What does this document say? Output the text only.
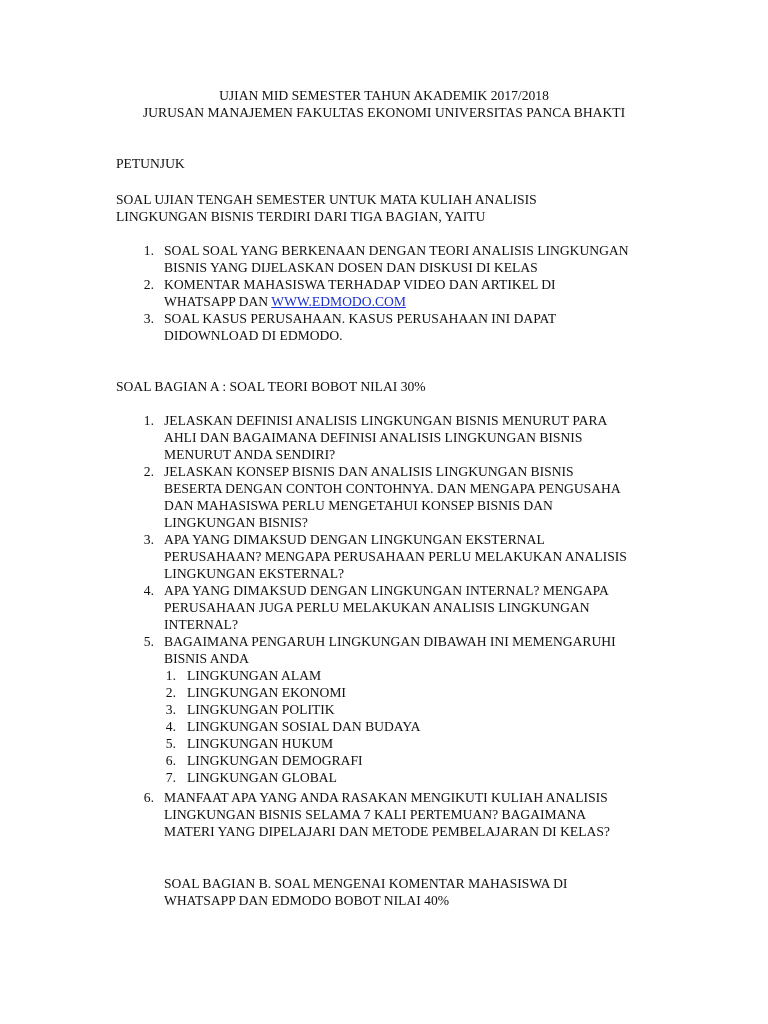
UJIAN MID SEMESTER TAHUN AKADEMIK 2017/2018
JURUSAN MANAJEMEN FAKULTAS EKONOMI UNIVERSITAS PANCA BHAKTI
PETUNJUK
SOAL UJIAN TENGAH SEMESTER UNTUK MATA KULIAH ANALISIS
LINGKUNGAN BISNIS TERDIRI DARI TIGA BAGIAN, YAITU
1. SOAL SOAL YANG BERKENAAN DENGAN TEORI ANALISIS LINGKUNGAN
BISNIS YANG DIJELASKAN DOSEN DAN DISKUSI DI KELAS
2. KOMENTAR MAHASISWA TERHADAP VIDEO DAN ARTIKEL DI
WHATSAPP DAN WWW.EDMODO.COM
3. SOAL KASUS PERUSAHAAN. KASUS PERUSAHAAN INI DAPAT
DIDOWNLOAD DI EDMODO.
SOAL BAGIAN A : SOAL TEORI BOBOT NILAI 30%
1. JELASKAN DEFINISI ANALISIS LINGKUNGAN BISNIS MENURUT PARA
AHLI DAN BAGAIMANA DEFINISI ANALISIS LINGKUNGAN BISNIS
MENURUT ANDA SENDIRI?
2. JELASKAN KONSEP BISNIS DAN ANALISIS LINGKUNGAN BISNIS
BESERTA DENGAN CONTOH CONTOHNYA. DAN MENGAPA PENGUSAHA
DAN MAHASISWA PERLU MENGETAHUI KONSEP BISNIS DAN
LINGKUNGAN BISNIS?
3. APA YANG DIMAKSUD DENGAN LINGKUNGAN EKSTERNAL
PERUSAHAAN? MENGAPA PERUSAHAAN PERLU MELAKUKAN ANALISIS
LINGKUNGAN EKSTERNAL?
4. APA YANG DIMAKSUD DENGAN LINGKUNGAN INTERNAL? MENGAPA
PERUSAHAAN JUGA PERLU MELAKUKAN ANALISIS LINGKUNGAN
INTERNAL?
5. BAGAIMANA PENGARUH LINGKUNGAN DIBAWAH INI MEMENGARUHI
BISNIS ANDA
1. LINGKUNGAN ALAM
2. LINGKUNGAN EKONOMI
3. LINGKUNGAN POLITIK
4. LINGKUNGAN SOSIAL DAN BUDAYA
5. LINGKUNGAN HUKUM
6. LINGKUNGAN DEMOGRAFI
7. LINGKUNGAN GLOBAL
6. MANFAAT APA YANG ANDA RASAKAN MENGIKUTI KULIAH ANALISIS
LINGKUNGAN BISNIS SELAMA 7 KALI PERTEMUAN? BAGAIMANA
MATERI YANG DIPELAJARI DAN METODE PEMBELAJARAN DI KELAS?
SOAL BAGIAN B. SOAL MENGENAI KOMENTAR MAHASISWA DI
WHATSAPP DAN EDMODO BOBOT NILAI 40%
